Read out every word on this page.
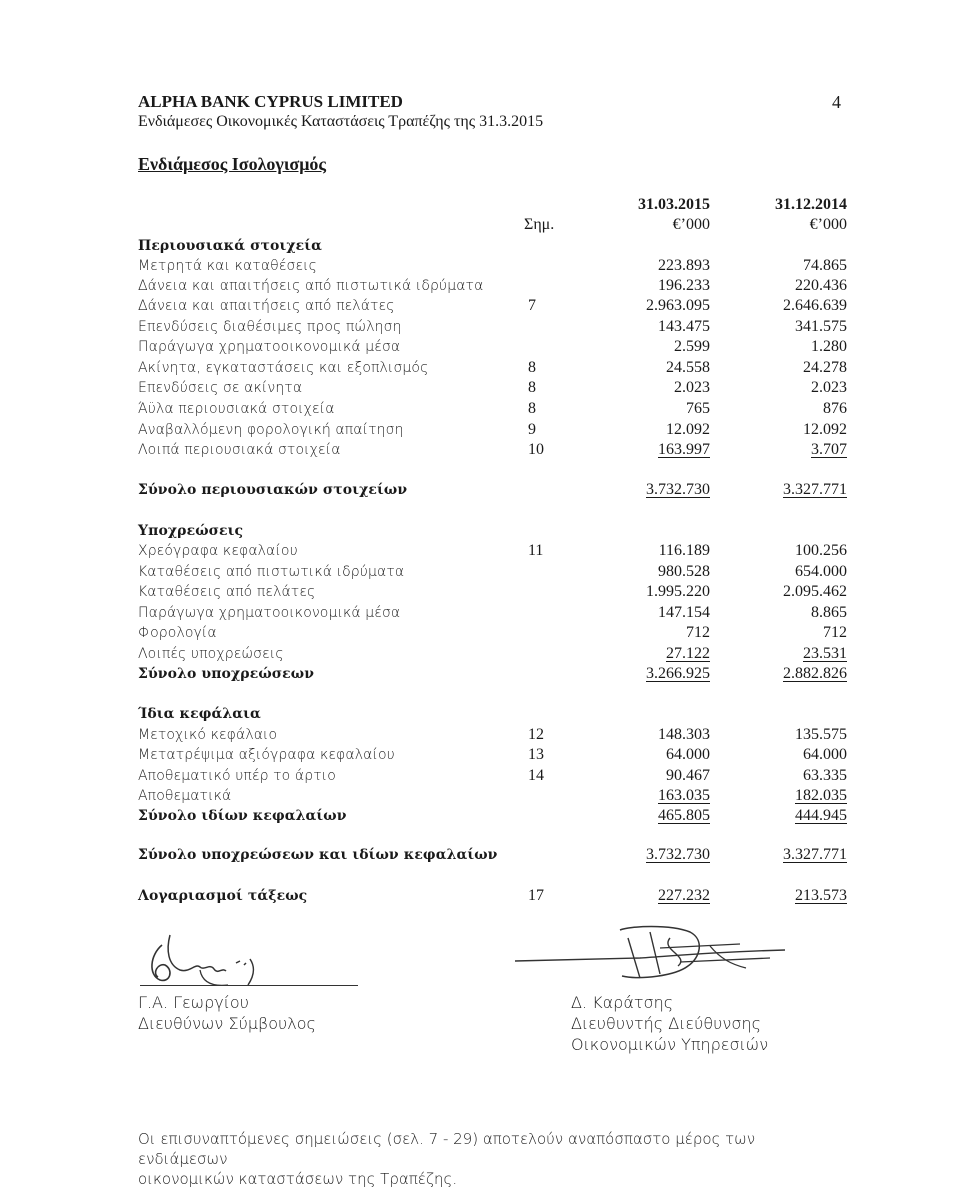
ALPHA BANK CYPRUS LIMITED
Ενδιάμεσες Οικονομικές Καταστάσεις Τραπέζης της 31.3.2015
4
Ενδιάμεσος Ισολογισμός
31.03.2015	31.12.2014
Σημ.	€’000	€’000
Περιουσιακά στοιχεία
Μετρητά και καταθέσεις	223.893	74.865
Δάνεια και απαιτήσεις από πιστωτικά ιδρύματα	196.233	220.436
Δάνεια και απαιτήσεις από πελάτες	7	2.963.095	2.646.639
Επενδύσεις διαθέσιμες προς πώληση	143.475	341.575
Παράγωγα χρηματοοικονομικά μέσα	2.599	1.280
Ακίνητα, εγκαταστάσεις και εξοπλισμός	8	24.558	24.278
Επενδύσεις σε ακίνητα	8	2.023	2.023
Άϋλα περιουσιακά στοιχεία	8	765	876
Αναβαλλόμενη φορολογική απαίτηση	9	12.092	12.092
Λοιπά περιουσιακά στοιχεία	10	163.997	3.707
Σύνολο περιουσιακών στοιχείων	3.732.730	3.327.771
Υποχρεώσεις
Χρεόγραφα κεφαλαίου	11	116.189	100.256
Καταθέσεις από πιστωτικά ιδρύματα	980.528	654.000
Καταθέσεις από πελάτες	1.995.220	2.095.462
Παράγωγα χρηματοοικονομικά μέσα	147.154	8.865
Φορολογία	712	712
Λοιπές υποχρεώσεις	27.122	23.531
Σύνολο υποχρεώσεων	3.266.925	2.882.826
Ίδια κεφάλαια
Μετοχικό κεφάλαιο	12	148.303	135.575
Μετατρέψιμα αξιόγραφα κεφαλαίου	13	64.000	64.000
Αποθεματικό υπέρ το άρτιο	14	90.467	63.335
Αποθεματικά	163.035	182.035
Σύνολο ιδίων κεφαλαίων	465.805	444.945
Σύνολο υποχρεώσεων και ιδίων κεφαλαίων	3.732.730	3.327.771
Λογαριασμοί τάξεως	17	227.232	213.573
Γ.Α. Γεωργίου
Διευθύνων Σύμβουλος
Δ. Καράτσης
Διευθυντής Διεύθυνσης
Οικονομικών Υπηρεσιών
Οι επισυναπτόμενες σημειώσεις (σελ. 7 - 29) αποτελούν αναπόσπαστο μέρος των ενδιάμεσων
οικονομικών καταστάσεων της Τραπέζης.
